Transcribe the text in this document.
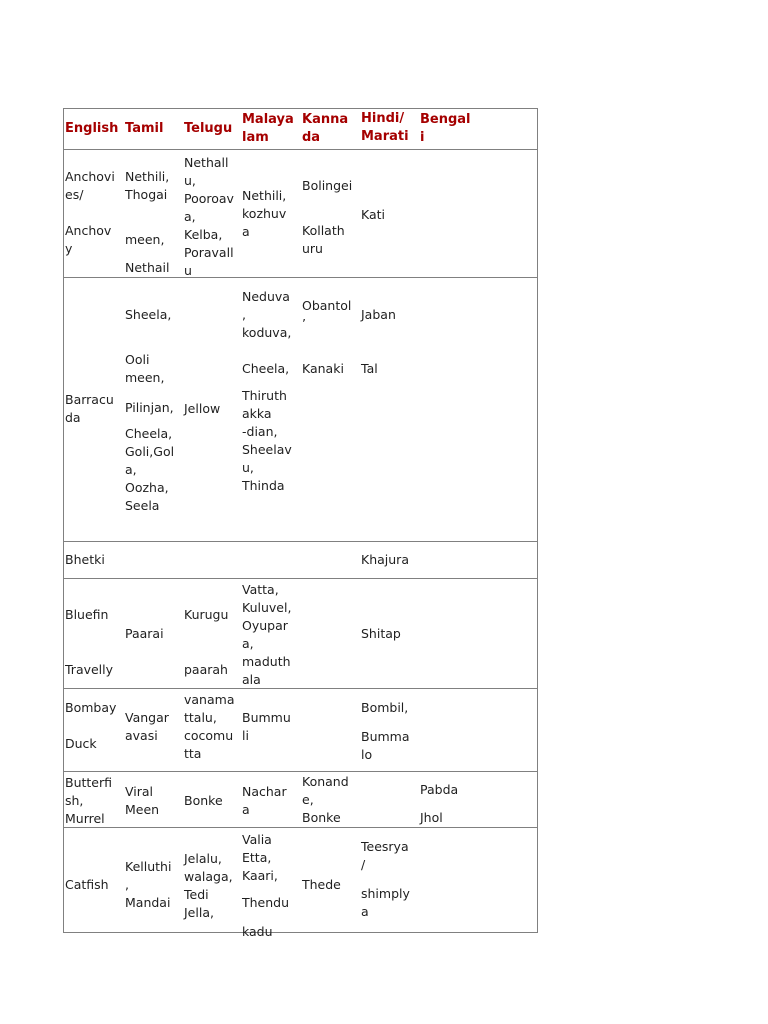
English Tamil Telugu
Malaya
lam
Kanna
da
Hindi/
Marati
Bengal
i
Anchovi
es/

Anchov
y
Nethili,
Thogai
meen,
Nethail
Nethall
u,
Pooroav
a,
Kelba,
Poravall
u
Nethili,
kozhuv
a
Bolingei
Kollath
uru
Kati
Barracu
da
Sheela,
Ooli
meen,
Pilinjan,
Cheela,
Goli,Gol
a,
Oozha,
Seela
Jellow
Neduva
,
koduva,
Cheela,
Thiruth
akka
-dian,
Sheelav
u,
Thinda
Obantol
’
Kanaki
Jaban
Tal
Bhetki	Khajura
Bluefin
Travelly
Paarai
Kurugu
paarah
Vatta,
Kuluvel,
Oyupar
a,
maduth
ala
Shitap
Bombay
Duck
Vangar
avasi
vanama
ttalu,
cocomu
tta
Bummu
li
Bombil,
Bumma
lo
Butterfi
sh,
Murrel
Viral
Meen
Bonke
Nachar
a
Konand
e,
Bonke
Pabda
Jhol
Catfish
Kelluthi
,
Mandai
Jelalu,
walaga,
Tedi
Jella,
Valia
Etta,
Kaari,
Thendu
kadu
Thede
Teesrya
/
shimply
a
